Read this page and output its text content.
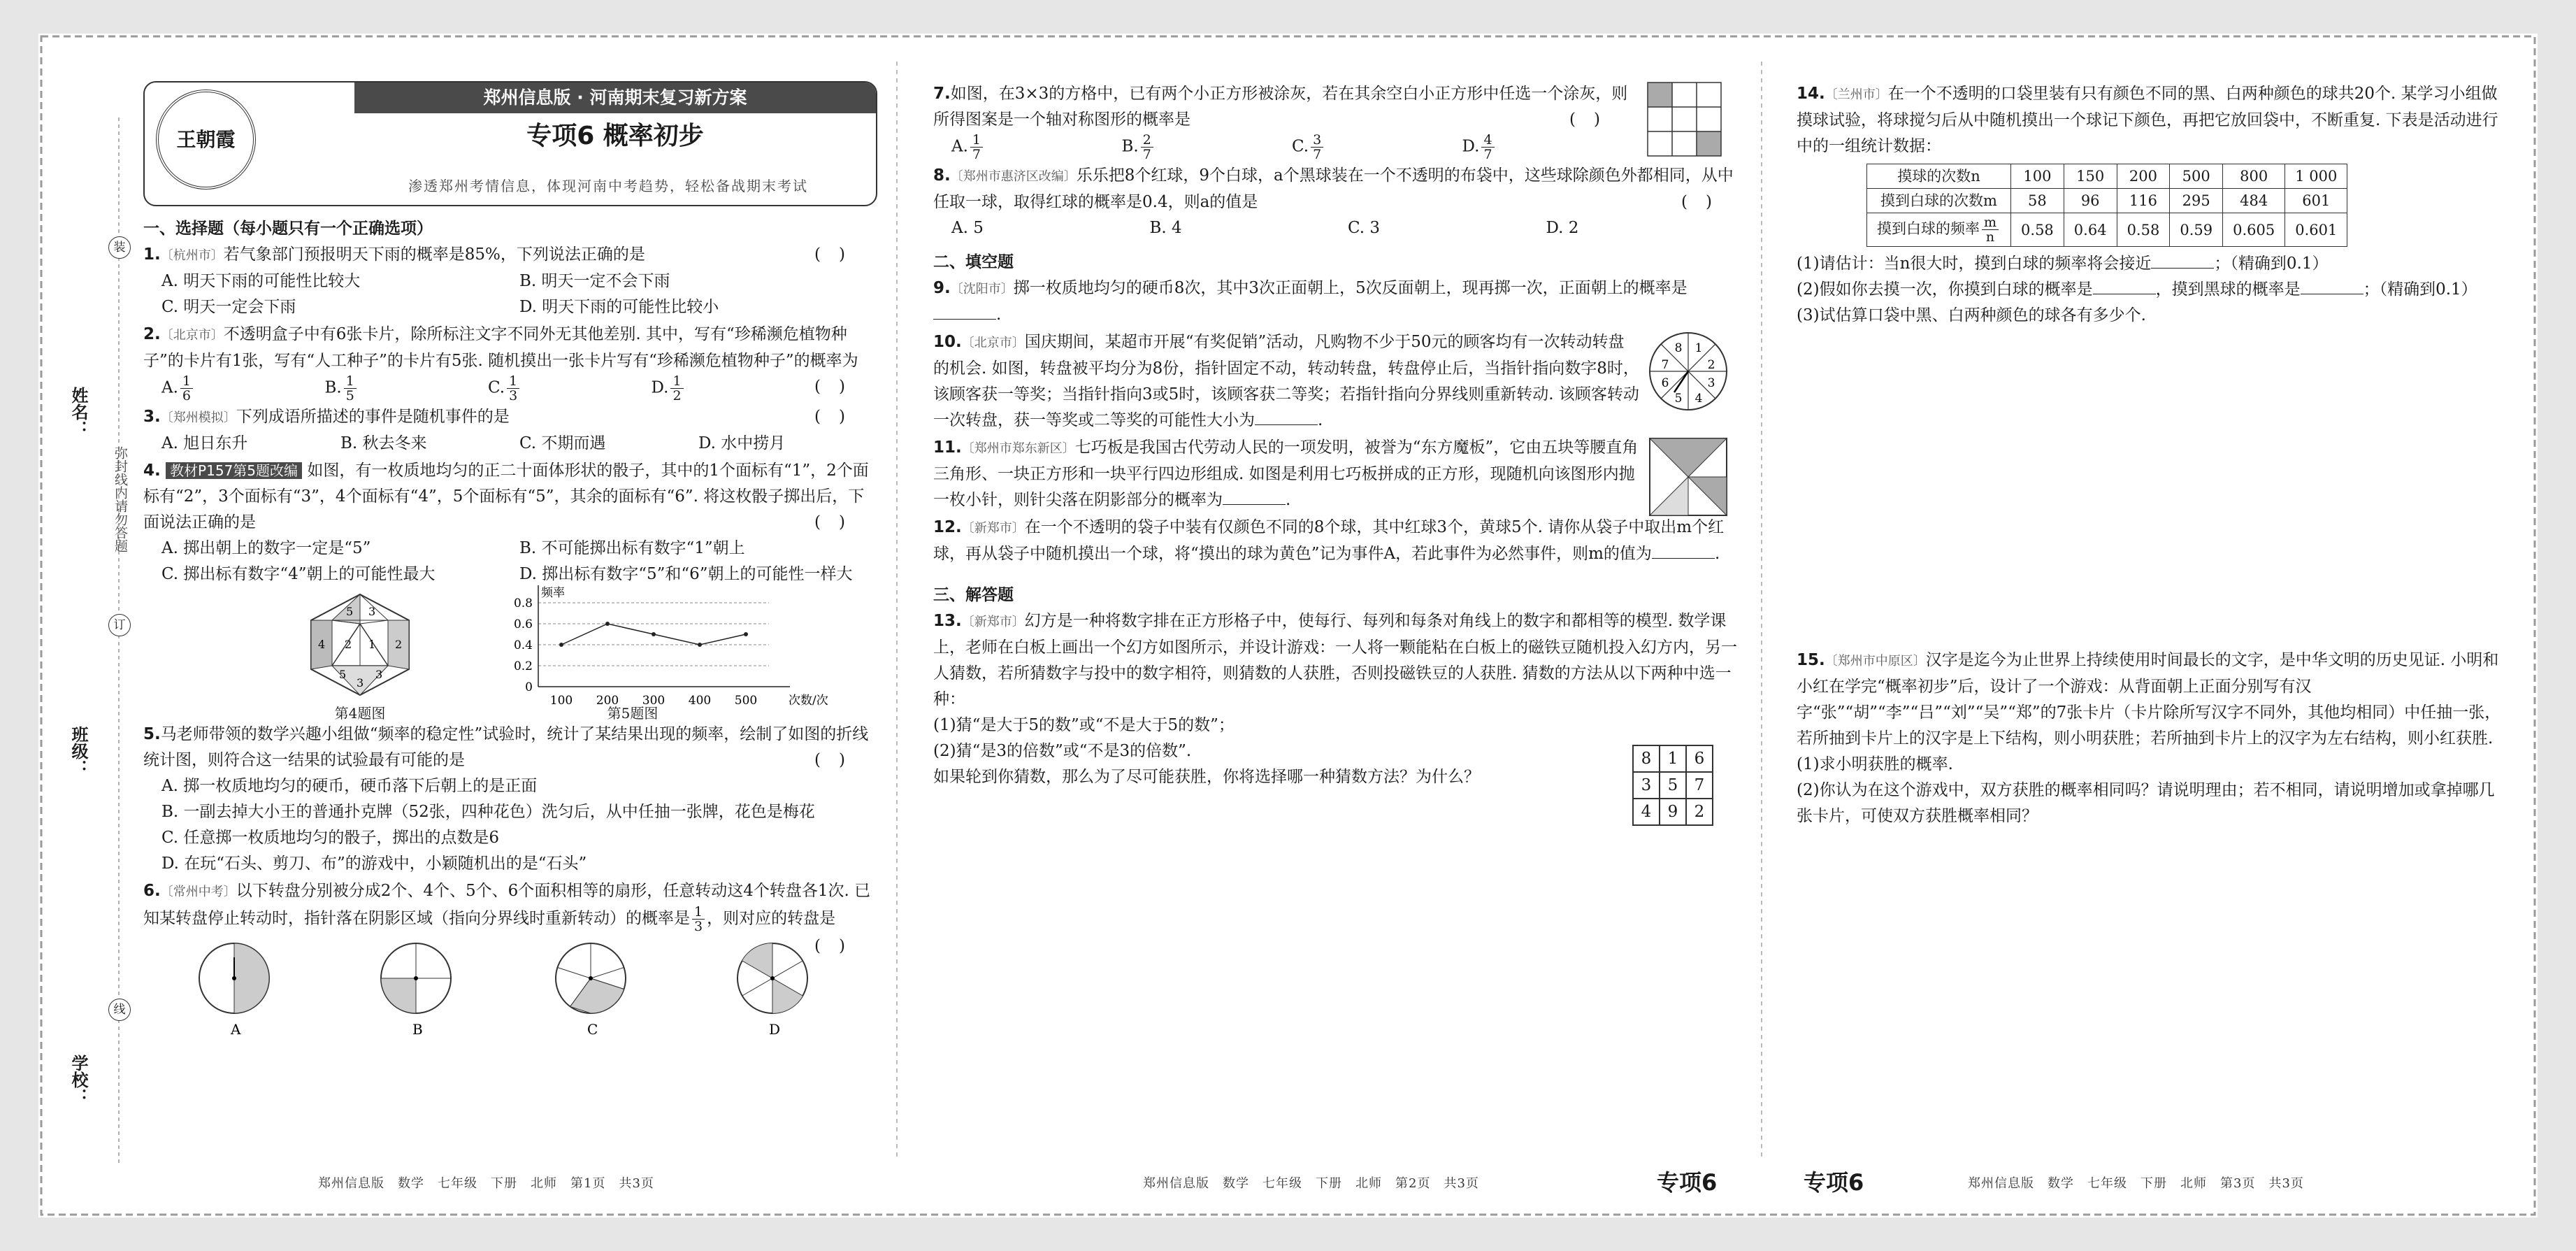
姓名：
班级：
学校：
弥封线内请勿答题
装
订
线
王朝霞
郑州信息版 · 河南期末复习新方案
专项6 概率初步
渗透郑州考情信息，体现河南中考趋势，轻松备战期末考试
一、选择题（每小题只有一个正确选项）
1.〔杭州市〕若气象部门预报明天下雨的概率是85%，下列说法正确的是	()
A. 明天下雨的可能性比较大	B. 明天一定不会下雨
C. 明天一定会下雨	D. 明天下雨的可能性比较小
2.〔北京市〕不透明盒子中有6张卡片，除所标注文字不同外无其他差别. 其中，写有“珍稀濒危植物种子”的卡片有1张，写有“人工种子”的卡片有5张. 随机摸出一张卡片写有“珍稀濒危植物种子”的概率为
()
A. $\frac{1}{6}$	B. $\frac{1}{5}$	C. $\frac{1}{3}$	D. $\frac{1}{2}$
3.〔郑州模拟〕下列成语所描述的事件是随机事件的是	()
A. 旭日东升	B. 秋去冬来	C. 不期而遇	D. 水中捞月
4. 教材P157第5题改编 如图，有一枚质地均匀的正二十面体形状的骰子，其中的1个面标有“1”，2个面标有“2”，3个面标有“3”，4个面标有“4”，5个面标有“5”，其余的面标有“6”. 将这枚骰子掷出后，下面说法正确的是	()
A. 掷出朝上的数字一定是“5”	B. 不可能掷出标有数字“1”朝上
C. 掷出标有数字“4”朝上的可能性最大	D. 掷出标有数字“5”和“6”朝上的可能性一样大
5 3
4 2 1 2
5
3
3
第4题图
0
0.2
0.4
0.6
0.8
频率
次数/次
100 200 300 400 500
第5题图
5.马老师带领的数学兴趣小组做“频率的稳定性”试验时，统计了某结果出现的频率，绘制了如图的折线统计图，则符合这一结果的试验最有可能的是	()
A. 掷一枚质地均匀的硬币，硬币落下后朝上的是正面
B. 一副去掉大小王的普通扑克牌（52张，四种花色）洗匀后，从中任抽一张牌，花色是梅花
C. 任意掷一枚质地均匀的骰子，掷出的点数是6
D. 在玩“石头、剪刀、布”的游戏中，小颖随机出的是“石头”
6.〔常州中考〕以下转盘分别被分成2个、4个、5个、6个面积相等的扇形，任意转动这4个转盘各1次. 已知某转盘停止转动时，指针落在阴影区域（指向分界线时重新转动）的概率是 $\frac{1}{3}$ ，则对应的转盘是
()
A	B	C	D
7.如图，在3×3的方格中，已有两个小正方形被涂灰，若在其余空白小正方形中任选一个涂灰，则所得图案是一个轴对称图形的概率是	()
A. $\frac{1}{7}$	B. $\frac{2}{7}$	C. $\frac{3}{7}$	D. $\frac{4}{7}$
8.〔郑州市惠济区改编〕乐乐把8个红球，9个白球，a个黑球装在一个不透明的布袋中，这些球除颜色外都相同，从中任取一球，取得红球的概率是0.4，则a的值是	()
A. 5	B. 4	C. 3	D. 2
二、填空题
9.〔沈阳市〕掷一枚质地均匀的硬币8次，其中3次正面朝上，5次反面朝上，现再掷一次，正面朝上的概率是.
10.〔北京市〕国庆期间，某超市开展“有奖促销”活动，凡购物不少于50元的顾客均有一次转动转盘的机会. 如图，转盘被平均分为8份，指针固定不动，转动转盘，转盘停止后，当指针指向数字8时，该顾客获一等奖；当指针指向3或5时，该顾客获二等奖；若指针指向分界线则重新转动. 该顾客转动一次转盘，获一等奖或二等奖的可能性大小为	.
8 1
2
3
4
5
6
7
11.〔郑州市郑东新区〕七巧板是我国古代劳动人民的一项发明，被誉为“东方魔板”，它由五块等腰直角三角形、一块正方形和一块平行四边形组成. 如图是利用七巧板拼成的正方形，现随机向该图形内抛一枚小针，则针尖落在阴影部分的概率为	.
12.〔新郑市〕在一个不透明的袋子中装有仅颜色不同的8个球，其中红球3个，黄球5个. 请你从袋子中取出m个红球，再从袋子中随机摸出一个球，将“摸出的球为黄色”记为事件A，若此事件为必然事件，则m的值为	.
三、解答题
13.〔新郑市〕幻方是一种将数字排在正方形格子中，使每行、每列和每条对角线上的数字和都相等的模型. 数学课上，老师在白板上画出一个幻方如图所示，并设计游戏：一人将一颗能粘在白板上的磁铁豆随机投入幻方内，另一人猜数，若所猜数字与投中的数字相符，则猜数的人获胜，否则投磁铁豆的人获胜. 猜数的方法从以下两种中选一种：
(1)猜“是大于5的数”或“不是大于5的数”；
(2)猜“是3的倍数”或“不是3的倍数”.
如果轮到你猜数，那么为了尽可能获胜，你将选择哪一种猜数方法？为什么？
8	1	6
3	5	7
4	9	2
14.〔兰州市〕在一个不透明的口袋里装有只有颜色不同的黑、白两种颜色的球共20个. 某学习小组做摸球试验，将球搅匀后从中随机摸出一个球记下颜色，再把它放回袋中，不断重复. 下表是活动进行中的一组统计数据：
摸球的次数n	100	150	200	500	800	1 000
摸到白球的次数m	58	96	116	295	484	601
摸到白球的频率 $\frac{m}{n}$	0.58	0.64	0.58	0.59	0.605	0.601
(1)请估计：当n很大时，摸到白球的频率将会接近	；（精确到0.1）
(2)假如你去摸一次，你摸到白球的概率是	，摸到黑球的概率是	；（精确到0.1）
(3)试估算口袋中黑、白两种颜色的球各有多少个.
15.〔郑州市中原区〕汉字是迄今为止世界上持续使用时间最长的文字，是中华文明的历史见证. 小明和小红在学完“概率初步”后，设计了一个游戏：从背面朝上正面分别写有汉字“张”“胡”“李”“吕”“刘”“吴”“郑”的7张卡片（卡片除所写汉字不同外，其他均相同）中任抽一张，若所抽到卡片上的汉字是上下结构，则小明获胜；若所抽到卡片上的汉字为左右结构，则小红获胜.
(1)求小明获胜的概率.
(2)你认为在这个游戏中，双方获胜的概率相同吗？请说明理由；若不相同，请说明增加或拿掉哪几张卡片，可使双方获胜概率相同？
郑州信息版　数学　七年级　下册　北师　第1页　共3页	郑州信息版　数学　七年级　下册　北师　第2页　共3页	专项6	专项6	郑州信息版　数学　七年级　下册　北师　第3页　共3页
